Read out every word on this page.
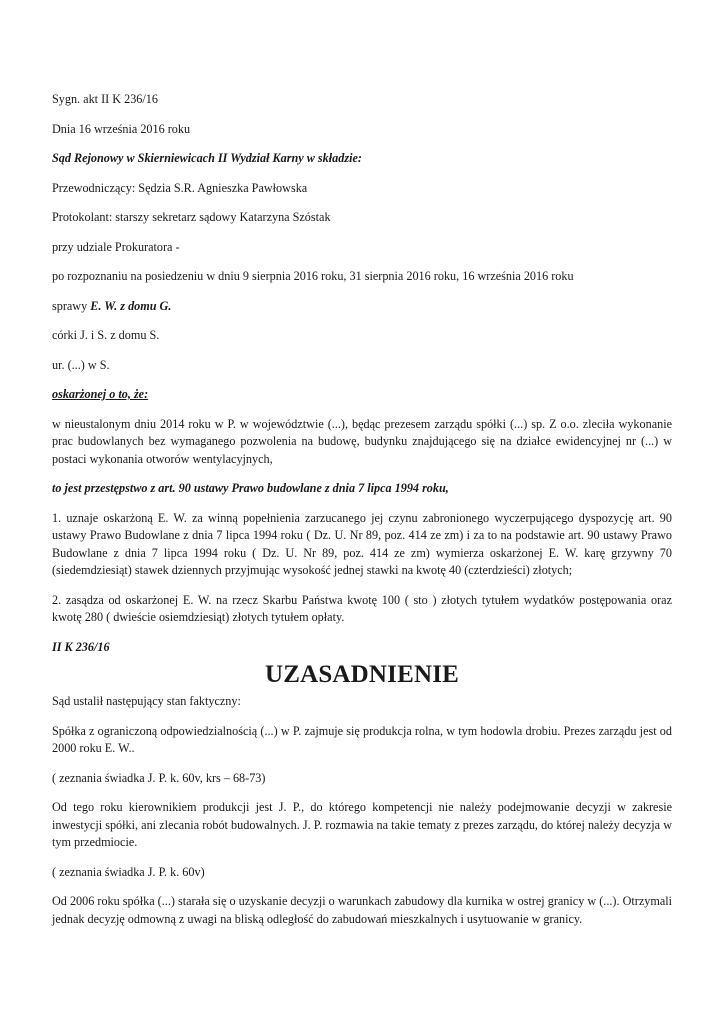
Sygn. akt II K 236/16

Dnia 16 września 2016 roku

Sąd Rejonowy w Skierniewicach II Wydział Karny w składzie:

Przewodniczący: Sędzia S.R. Agnieszka Pawłowska

Protokolant: starszy sekretarz sądowy Katarzyna Szóstak

przy udziale Prokuratora -

po rozpoznaniu na posiedzeniu w dniu 9 sierpnia 2016 roku, 31 sierpnia 2016 roku, 16 września 2016 roku

sprawy E. W. z domu G.

córki J. i S. z domu S.

ur. (...) w S.

oskarżonej o to, że:

w nieustalonym dniu 2014 roku w P. w województwie (...), będąc prezesem zarządu spółki (...) sp. Z o.o. zleciła wykonanie prac budowlanych bez wymaganego pozwolenia na budowę, budynku znajdującego się na działce ewidencyjnej nr (...) w postaci wykonania otworów wentylacyjnych,

to jest przestępstwo z art. 90 ustawy Prawo budowlane z dnia 7 lipca 1994 roku,

1. uznaje oskarżoną E. W. za winną popełnienia zarzucanego jej czynu zabronionego wyczerpującego dyspozycję art. 90 ustawy Prawo Budowlane z dnia 7 lipca 1994 roku ( Dz. U. Nr 89, poz. 414 ze zm) i za to na podstawie art. 90 ustawy Prawo Budowlane z dnia 7 lipca 1994 roku ( Dz. U. Nr 89, poz. 414 ze zm) wymierza oskarżonej E. W. karę grzywny 70 (siedemdziesiąt) stawek dziennych przyjmując wysokość jednej stawki na kwotę 40 (czterdzieści) złotych;

2. zasądza od oskarżonej E. W. na rzecz Skarbu Państwa kwotę 100 ( sto ) złotych tytułem wydatków postępowania oraz kwotę 280 ( dwieście osiemdziesiąt) złotych tytułem opłaty.

II K 236/16

UZASADNIENIE

Sąd ustalił następujący stan faktyczny:

Spółka z ograniczoną odpowiedzialnością (...) w P. zajmuje się produkcja rolna, w tym hodowla drobiu. Prezes zarządu jest od 2000 roku E. W..

( zeznania świadka J. P. k. 60v, krs – 68-73)

Od tego roku kierownikiem produkcji jest J. P., do którego kompetencji nie należy podejmowanie decyzji w zakresie inwestycji spółki, ani zlecania robót budowalnych. J. P. rozmawia na takie tematy z prezes zarządu, do której należy decyzja w tym przedmiocie.

( zeznania świadka J. P. k. 60v)

Od 2006 roku spółka (...) starała się o uzyskanie decyzji o warunkach zabudowy dla kurnika w ostrej granicy w (...). Otrzymali jednak decyzję odmowną z uwagi na bliską odległość do zabudowań mieszkalnych i usytuowanie w granicy.
